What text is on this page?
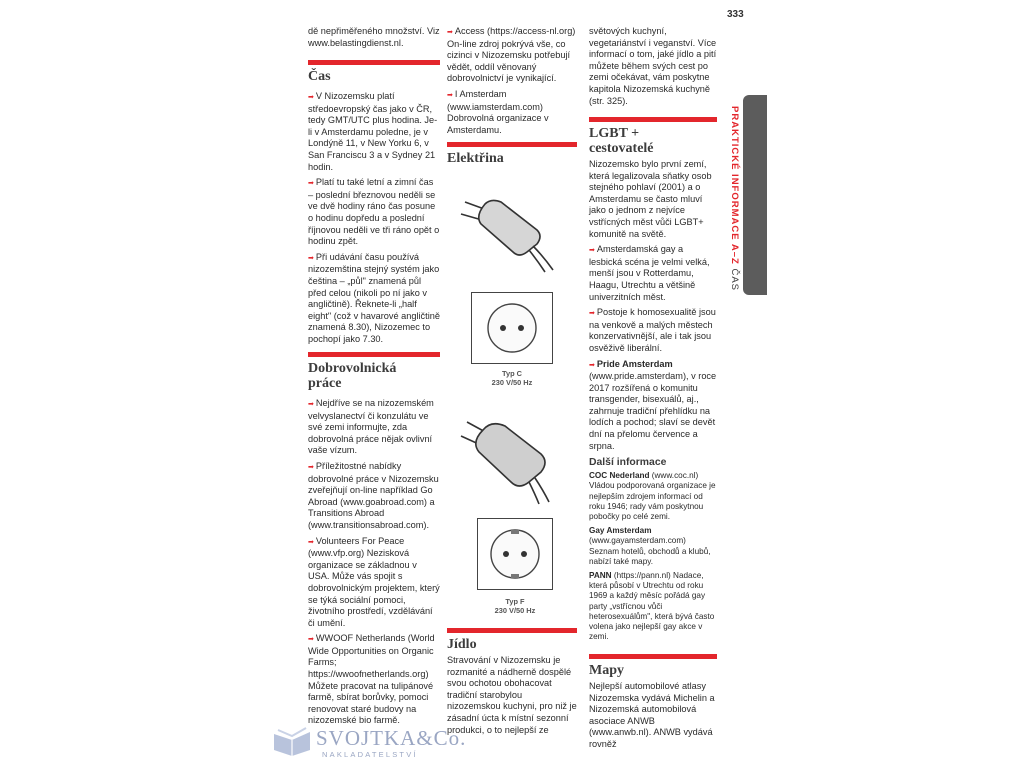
333
PRAKTICKÉ INFORMACE A–Z ČAS
dě nepřiměřeného množství. Viz www.belastingdienst.nl.
Čas
➡ V Nizozemsku platí středoevropský čas jako v ČR, tedy GMT/UTC plus hodina. Je-li v Amsterdamu poledne, je v Londýně 11, v New Yorku 6, v San Franciscu 3 a v Sydney 21 hodin.
➡ Platí tu také letní a zimní čas – poslední březnovou neděli se ve dvě hodiny ráno čas posune o hodinu dopředu a poslední říjnovou neděli ve tři ráno opět o hodinu zpět.
➡ Při udávání času používá nizozemština stejný systém jako čeština – „půl" znamená půl před celou (nikoli po ní jako v angličtině). Řeknete-li „half eight" (což v havarové angličtině znamená 8.30), Nizozemec to pochopí jako 7.30.
Dobrovolnická práce
➡ Nejdříve se na nizozemském velvyslanectví či konzulátu ve své zemi informujte, zda dobrovolná práce nějak ovlivní vaše vízum.
➡ Příležitostné nabídky dobrovolné práce v Nizozemsku zveřejňují on-line například Go Abroad (www.goabroad.com) a Transitions Abroad (www.transitionsabroad.com).
➡ Volunteers For Peace (www.vfp.org) Nezisková organizace se základnou v USA. Může vás spojit s dobrovolnickým projektem, který se týká sociální pomoci, životního prostředí, vzdělávání či umění.
➡ WWOOF Netherlands (World Wide Opportunities on Organic Farms; https://wwoofnetherlands.org) Můžete pracovat na tulipánové farmě, sbírat borůvky, pomoci renovovat staré budovy na nizozemské bio farmě.
➡ Access (https://access-nl.org) On-line zdroj pokrývá vše, co cizinci v Nizozemsku potřebují vědět, oddíl věnovaný dobrovolnictví je vynikající.
➡ I Amsterdam (www.iamsterdam.com) Dobrovolná organizace v Amsterdamu.
Elektřina
Typ C
230 V/50 Hz
Typ F
230 V/50 Hz
Jídlo
Stravování v Nizozemsku je rozmanité a nádherně dospělé svou ochotou obohacovat tradiční starobylou nizozemskou kuchyni, pro niž je zásadní úcta k místní sezonní produkci, o to nejlepší ze
světových kuchyní, vegetariánství i veganství. Více informací o tom, jaké jídlo a pití můžete během svých cest po zemi očekávat, vám poskytne kapitola Nizozemská kuchyně (str. 325).
LGBT + cestovatelé
Nizozemsko bylo první zemí, která legalizovala sňatky osob stejného pohlaví (2001) a o Amsterdamu se často mluví jako o jednom z nejvíce vstřícných měst vůči LGBT+ komunitě na světě.
➡ Amsterdamská gay a lesbická scéna je velmi velká, menší jsou v Rotterdamu, Haagu, Utrechtu a většině univerzitních měst.
➡ Postoje k homosexualitě jsou na venkově a malých městech konzervativnější, ale i tak jsou osvěživě liberální.
➡ Pride Amsterdam (www.pride.amsterdam), v roce 2017 rozšířená o komunitu transgender, bisexuálů, aj., zahrnuje tradiční přehlídku na lodích a pochod; slaví se devět dní na přelomu července a srpna.
Další informace
COC Nederland (www.coc.nl) Vládou podporovaná organizace je nejlepším zdrojem informací od roku 1946; rady vám poskytnou pobočky po celé zemi.
Gay Amsterdam (www.gayamsterdam.com) Seznam hotelů, obchodů a klubů, nabízí také mapy.
PANN (https://pann.nl) Nadace, která působí v Utrechtu od roku 1969 a každý měsíc pořádá gay party „vstřícnou vůči heterosexuálům", která bývá často volena jako nejlepší gay akce v zemi.
Mapy
Nejlepší automobilové atlasy Nizozemska vydává Michelin a Nizozemská automobilová asociace ANWB (www.anwb.nl). ANWB vydává rovněž
SVOJTKA&Co.
NAKLADATELSTVÍ
